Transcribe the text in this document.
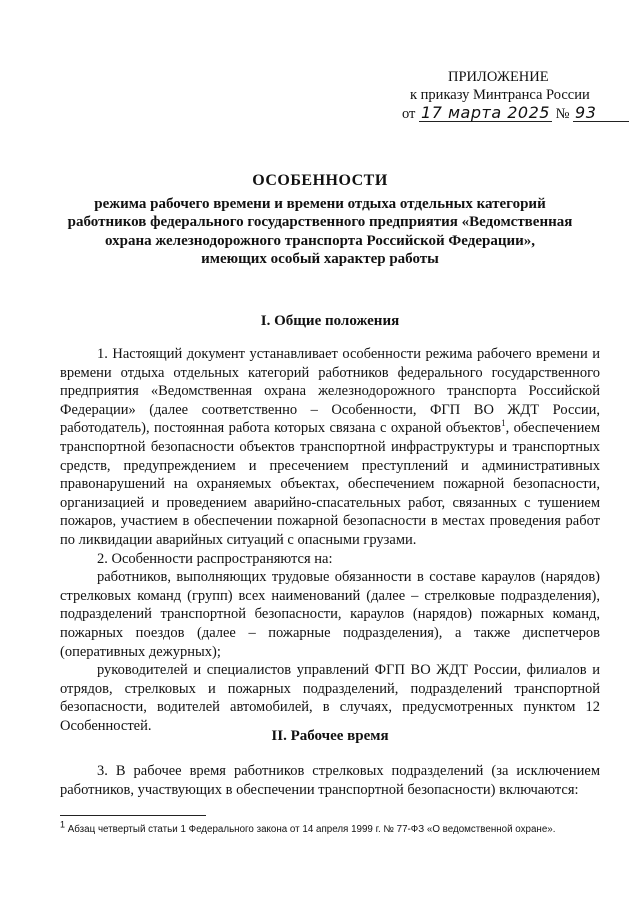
ПРИЛОЖЕНИЕ
к приказу Минтранса России
от 17 марта 2025 № 93
ОСОБЕННОСТИ
режима рабочего времени и времени отдыха отдельных категорий
работников федерального государственного предприятия «Ведомственная
охрана железнодорожного транспорта Российской Федерации»,
имеющих особый характер работы
I. Общие положения

1. Настоящий документ устанавливает особенности режима рабочего времени и времени отдыха отдельных категорий работников федерального государственного предприятия «Ведомственная охрана железнодорожного транспорта Российской Федерации» (далее соответственно – Особенности, ФГП ВО ЖДТ России, работодатель), постоянная работа которых связана с охраной объектов$^1$, обеспечением транспортной безопасности объектов транспортной инфраструктуры и транспортных средств, предупреждением и пресечением преступлений и административных правонарушений на охраняемых объектах, обеспечением пожарной безопасности, организацией и проведением аварийно-спасательных работ, связанных с тушением пожаров, участием в обеспечении пожарной безопасности в местах проведения работ по ликвидации аварийных ситуаций с опасными грузами.

2. Особенности распространяются на:

работников, выполняющих трудовые обязанности в составе караулов (нарядов) стрелковых команд (групп) всех наименований (далее – стрелковые подразделения), подразделений транспортной безопасности, караулов (нарядов) пожарных команд, пожарных поездов (далее – пожарные подразделения), а также диспетчеров (оперативных дежурных);

руководителей и специалистов управлений ФГП ВО ЖДТ России, филиалов и отрядов, стрелковых и пожарных подразделений, подразделений транспортной безопасности, водителей автомобилей, в случаях, предусмотренных пунктом 12 Особенностей.

II. Рабочее время

3. В рабочее время работников стрелковых подразделений (за исключением работников, участвующих в обеспечении транспортной безопасности) включаются:

$^1$ Абзац четвертый статьи 1 Федерального закона от 14 апреля 1999 г. № 77-ФЗ «О ведомственной охране».
